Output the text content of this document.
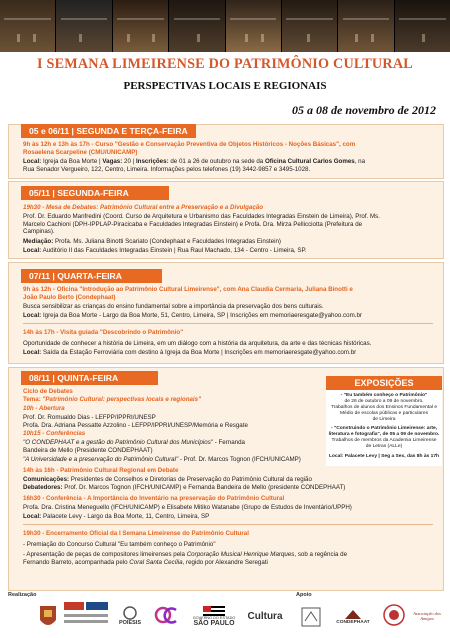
I SEMANA LIMEIRENSE DO PATRIMÔNIO CULTURAL
PERSPECTIVAS LOCAIS E REGIONAIS
05 a 08 de novembro de 2012
05 e 06/11 | SEGUNDA E TERÇA-FEIRA
9h às 12h e 13h às 17h - Curso "Gestão e Conservação Preventiva de Objetos Históricos - Noções Básicas", com
Rosaelena Scarpeline (CMU/UNICAMP)
Local: Igreja da Boa Morte | Vagas: 20 | Inscrições: de 01 a 26 de outubro na sede da Oficina Cultural Carlos Gomes, na
Rua Senador Vergueiro, 122, Centro, Limeira. Informações pelos telefones (19) 3442-9857 e 3495-1028.
05/11 | SEGUNDA-FEIRA
19h30 - Mesa de Debates: Patrimônio Cultural entre a Preservação e a Divulgação
Prof. Dr. Eduardo Manfredini (Coord. Curso de Arquitetura e Urbanismo das Faculdades Integradas Einstein de Limeira), Prof. Ms.
Marcelo Cachioni (DPH-IPPLAP-Piracicaba e Faculdades Integradas Einstein) e Profa. Dra. Mirza Pellicciotta (Prefeitura de
Campinas).
Mediação: Profa. Ms. Juliana Binotti Scariato (Condephaat e Faculdades Integradas Einstein)
Local: Auditório II das Faculdades Integradas Einstein | Rua Raul Machado, 134 - Centro - Limeira, SP.
07/11 | QUARTA-FEIRA
9h às 12h - Oficina "Introdução ao Patrimônio Cultural Limeirense", com Ana Claudia Cermaria, Juliana Binotti e
João Paulo Berto (Condephaat)
Busca sensibilizar as crianças do ensino fundamental sobre a importância da preservação dos bens culturais.
Local: Igreja da Boa Morte - Largo da Boa Morte, 51, Centro, Limeira, SP | Inscrições em memoriaeresgate@yahoo.com.br
14h às 17h - Visita guiada "Descobrindo o Patrimônio"
Oportunidade de conhecer a história de Limeira, em um diálogo com a história da arquitetura, da arte e das técnicas históricas.
Local: Saída da Estação Ferroviária com destino à Igreja da Boa Morte | Inscrições em memoriaeresgate@yahoo.com.br
08/11 | QUINTA-FEIRA
Ciclo de Debates
Tema: "Patrimônio Cultural: perspectivas locais e regionais"
10h - Abertura
Prof. Dr. Romualdo Dias - LEFPP/IPPRI/UNESP
Profa. Dra. Adriana Pessatte Azzolino - LEFPP/IPPRI/UNESP/Memória e Resgate
10h15 - Conferências
"O CONDEPHAAT e a gestão do Patrimônio Cultural dos Municípios" - Fernanda
Bandeira de Mello (Presidente CONDEPHAAT)
"A Universidade e a preservação do Patrimônio Cultural" - Prof. Dr. Marcos Tognon (IFCH/UNICAMP)
14h às 16h - Patrimônio Cultural Regional em Debate
Comunicações: Presidentes de Conselhos e Diretorias de Preservação do Patrimônio Cultural da região
Debatedores: Prof. Dr. Marcos Tognon (IFCH/UNICAMP) e Fernanda Bandeira de Mello (presidente CONDEPHAAT)
16h30 - Conferência - A Importância do Inventário na preservação do Patrimônio Cultural
Profa. Dra. Cristina Meneguello (IFCH/UNICAMP) e Elisabete Mitiko Watanabe (Grupo de Estudos de Inventário/UPPH)
Local: Palacete Levy - Largo da Boa Morte, 11, Centro, Limeira, SP
19h30 - Encerramento Oficial da I Semana Limeirense do Patrimônio Cultural
- Premiação do Concurso Cultural "Eu também conheço o Patrimônio"
- Apresentação de peças de compositores limeirenses pela Corporação Musical Henrique Marques, sob a regência de
Fernando Barreto, acompanhada pelo Coral Santa Cecília, regido por Alexandre Seregati
EXPOSIÇÕES
- "Eu também conheço o Patrimônio"
de 26 de outubro a 09 de novembro.
Trabalhos de alunos dos Ensinos Fundamental e
Médio de escolas públicas e particulares
de Limeira
- "Construindo o Patrimônio Limeirense: arte,
literatura e fotografia", de 05 a 09 de novembro.
Trabalhos de membros da Academia Limeirense
de Letras (ALLe)
Local: Palacete Levy | Seg a Sex, das 8h às 17h
Realização	Apoio
POIESIS
GOVERNO DO ESTADO
SÃO PAULO
Cultura
CONDEPHAAT
Associação dos Amigos
